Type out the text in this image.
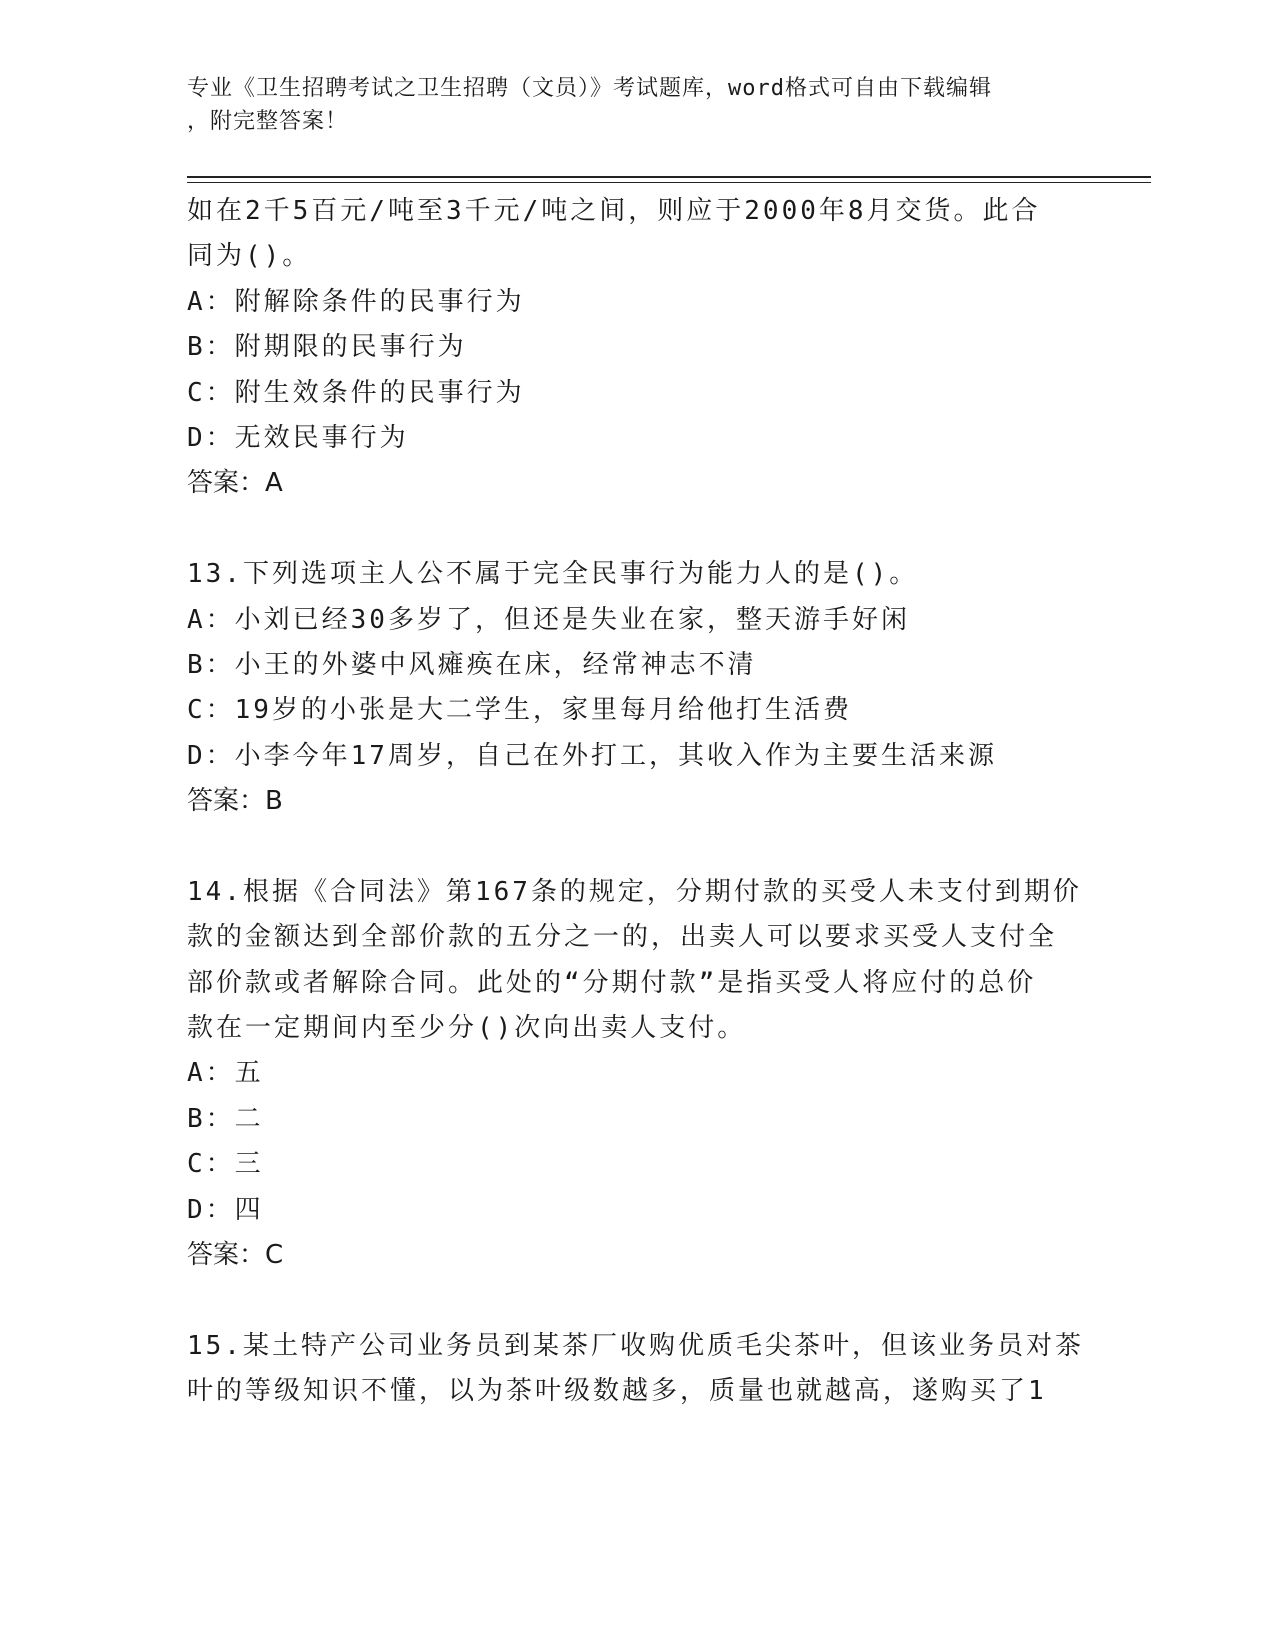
专业《卫生招聘考试之卫生招聘（文员）》考试题库，word格式可自由下载编辑
，附完整答案！
如在2千5百元/吨至3千元/吨之间，则应于2000年8月交货。此合
同为()。
A：附解除条件的民事行为
B：附期限的民事行为
C：附生效条件的民事行为
D：无效民事行为
答案：A
13.下列选项主人公不属于完全民事行为能力人的是()。
A：小刘已经30多岁了，但还是失业在家，整天游手好闲
B：小王的外婆中风瘫痪在床，经常神志不清
C：19岁的小张是大二学生，家里每月给他打生活费
D：小李今年17周岁，自己在外打工，其收入作为主要生活来源
答案：B
14.根据《合同法》第167条的规定，分期付款的买受人未支付到期价
款的金额达到全部价款的五分之一的，出卖人可以要求买受人支付全
部价款或者解除合同。此处的“分期付款”是指买受人将应付的总价
款在一定期间内至少分()次向出卖人支付。
A：五
B：二
C：三
D：四
答案：C
15.某土特产公司业务员到某茶厂收购优质毛尖茶叶，但该业务员对茶
叶的等级知识不懂，以为茶叶级数越多，质量也就越高，遂购买了1
